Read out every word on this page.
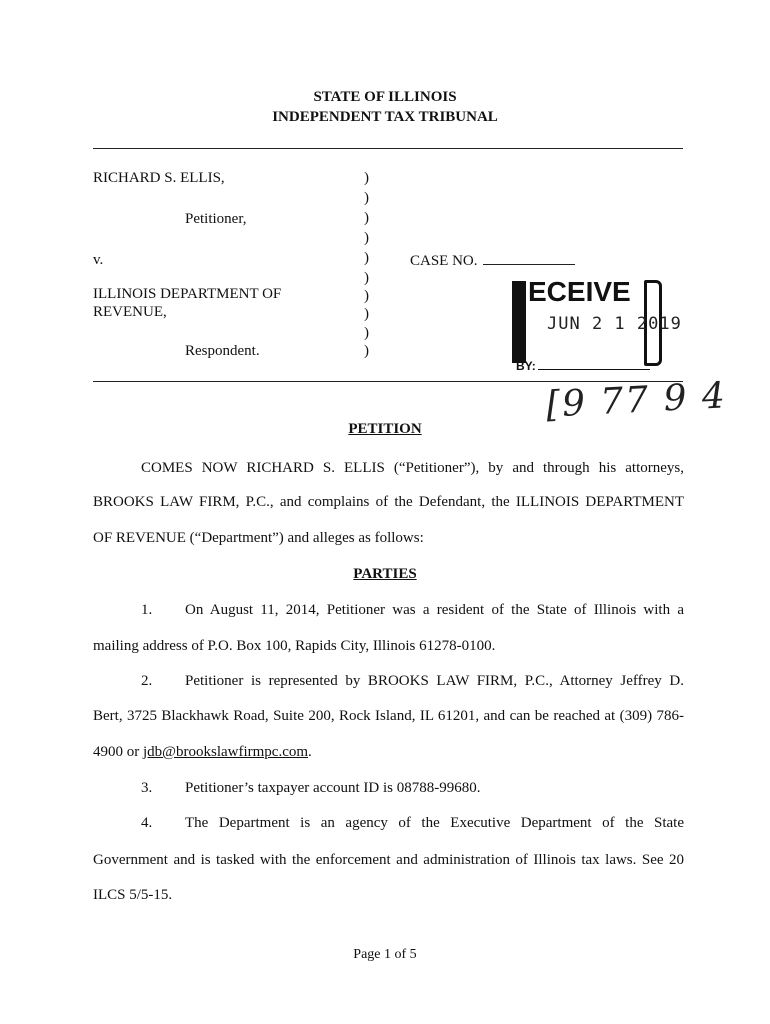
STATE OF ILLINOIS
INDEPENDENT TAX TRIBUNAL
RICHARD S. ELLIS,
Petitioner,
v.
ILLINOIS DEPARTMENT OF
REVENUE,
Respondent.
)
)
)
)
)
)
)
)
)
)
CASE NO.
ECEIVE
JUN 2 1 2019
BY:
[9 77 9 4
PETITION
COMES NOW RICHARD S. ELLIS (“Petitioner”), by and through his attorneys,
BROOKS LAW FIRM, P.C., and complains of the Defendant, the ILLINOIS DEPARTMENT
OF REVENUE (“Department”) and alleges as follows:
PARTIES
1. On August 11, 2014, Petitioner was a resident of the State of Illinois with a
mailing address of P.O. Box 100, Rapids City, Illinois 61278-0100.
2. Petitioner is represented by BROOKS LAW FIRM, P.C., Attorney Jeffrey D.
Bert, 3725 Blackhawk Road, Suite 200, Rock Island, IL 61201, and can be reached at (309) 786-
4900 or jdb@brookslawfirmpc.com.
3. Petitioner’s taxpayer account ID is 08788-99680.
4. The Department is an agency of the Executive Department of the State
Government and is tasked with the enforcement and administration of Illinois tax laws. See 20
ILCS 5/5-15.
Page 1 of 5
